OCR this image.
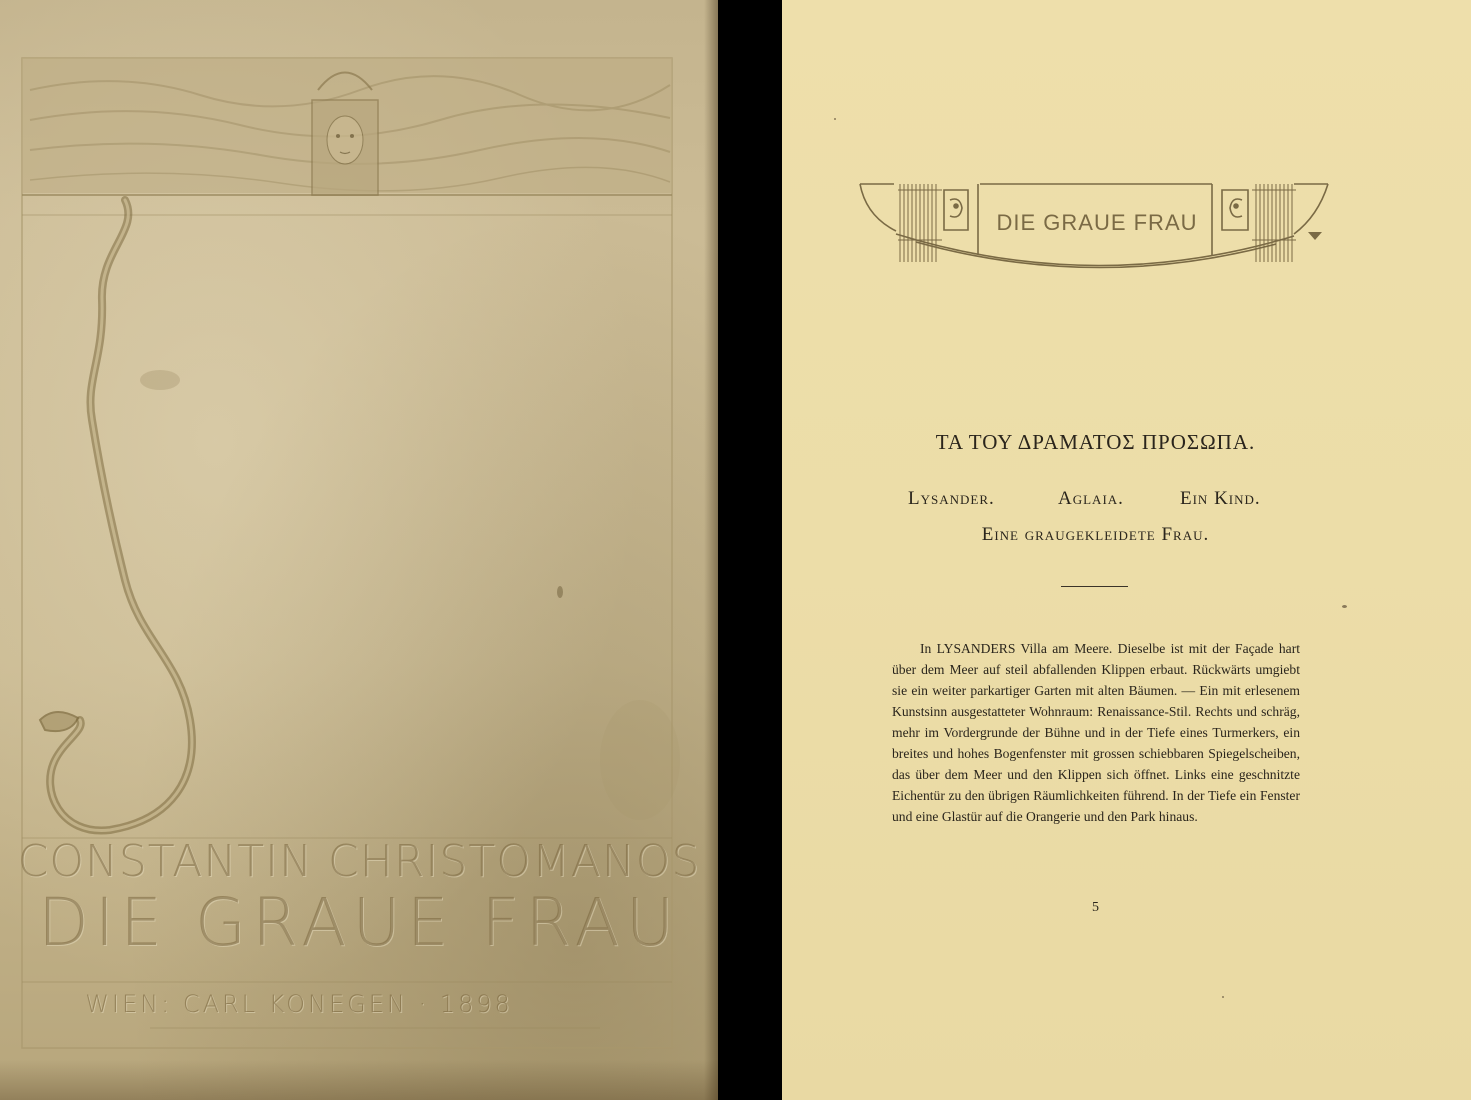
CONSTANTIN CHRISTOMANOS
DIE GRAUE FRAU
WIEN: CARL KONEGEN · 1898
DIE GRAUE FRAU
ΤΑ ΤΟΥ ΔΡΑΜΑΤΟΣ ΠΡΟΣΩΠΑ.
Lysander.	Aglaia.	Ein Kind.
Eine graugekleidete Frau.

In LYSANDERS Villa am Meere. Dieselbe ist mit der Façade hart über dem Meer auf steil abfallenden Klippen erbaut. Rückwärts umgiebt sie ein weiter parkartiger Garten mit alten Bäumen. — Ein mit erlesenem Kunstsinn ausgestatteter Wohnraum: Renaissance-Stil. Rechts und schräg, mehr im Vordergrunde der Bühne und in der Tiefe eines Turmerkers, ein breites und hohes Bogenfenster mit grossen schiebbaren Spiegelscheiben, das über dem Meer und den Klippen sich öffnet. Links eine geschnitzte Eichentür zu den übrigen Räumlichkeiten führend. In der Tiefe ein Fenster und eine Glastür auf die Orangerie und den Park hinaus.

5
